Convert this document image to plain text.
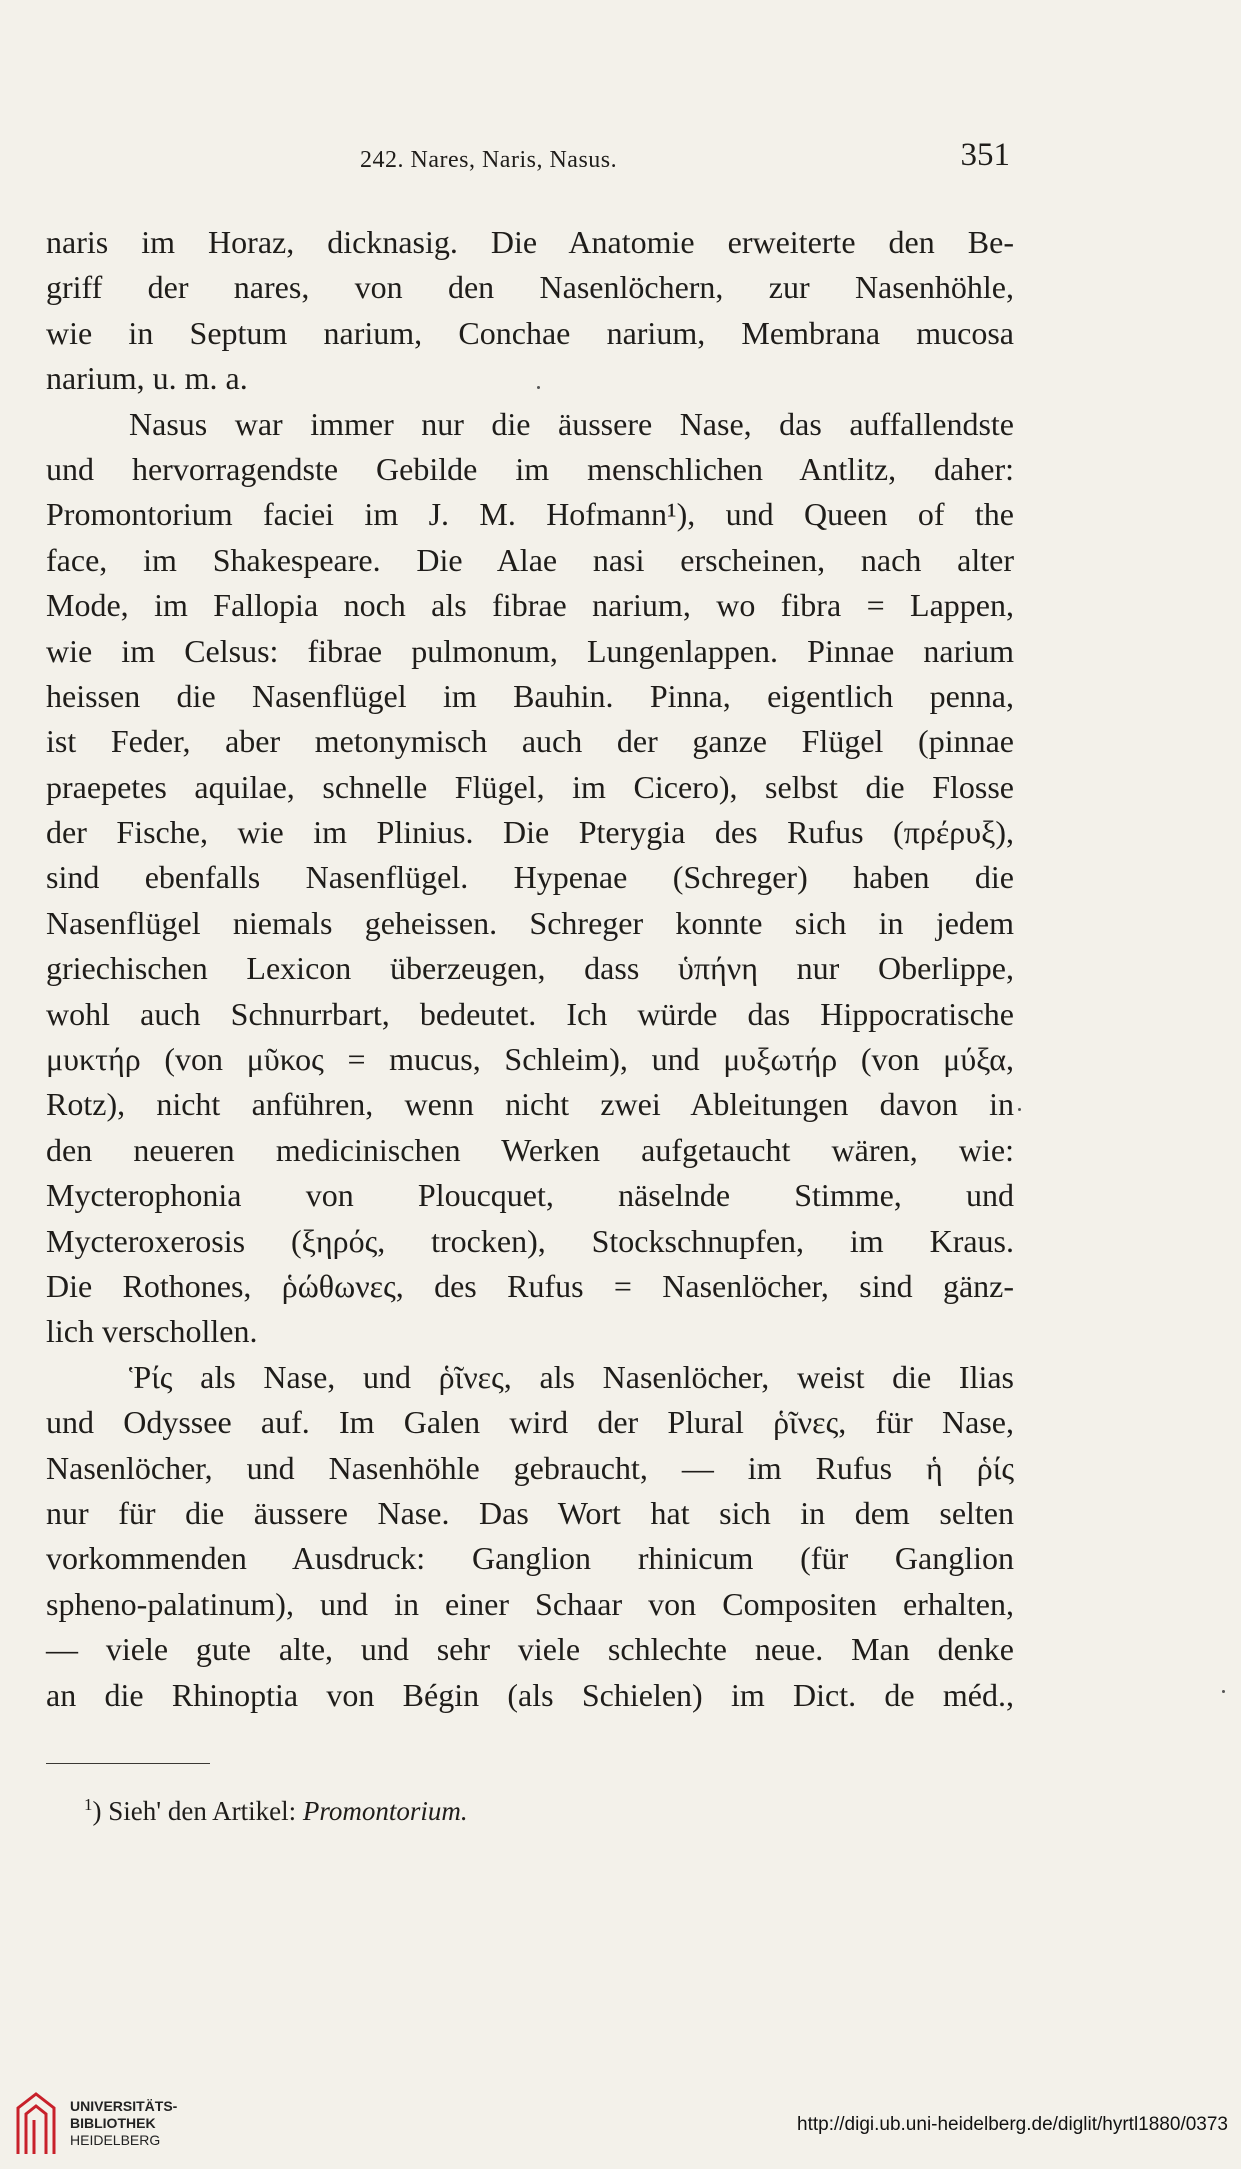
242. Nares, Naris, Nasus.	351
naris im Horaz, dicknasig. Die Anatomie erweiterte den Be-
griff der nares, von den Nasenlöchern, zur Nasenhöhle,
wie in Septum narium, Conchae narium, Membrana mucosa
narium, u. m. a.
Nasus war immer nur die äussere Nase, das auffallendste
und hervorragendste Gebilde im menschlichen Antlitz, daher:
Promontorium faciei im J. M. Hofmann¹), und Queen of the
face, im Shakespeare. Die Alae nasi erscheinen, nach alter
Mode, im Fallopia noch als fibrae narium, wo fibra = Lappen,
wie im Celsus: fibrae pulmonum, Lungenlappen. Pinnae narium
heissen die Nasenflügel im Bauhin. Pinna, eigentlich penna,
ist Feder, aber metonymisch auch der ganze Flügel (pinnae
praepetes aquilae, schnelle Flügel, im Cicero), selbst die Flosse
der Fische, wie im Plinius. Die Pterygia des Rufus (πρέρυξ),
sind ebenfalls Nasenflügel. Hypenae (Schreger) haben die
Nasenflügel niemals geheissen. Schreger konnte sich in jedem
griechischen Lexicon überzeugen, dass ὑπήνη nur Oberlippe,
wohl auch Schnurrbart, bedeutet. Ich würde das Hippocratische
μυκτήρ (von μῦκος = mucus, Schleim), und μυξωτήρ (von μύξα,
Rotz), nicht anführen, wenn nicht zwei Ableitungen davon in
den neueren medicinischen Werken aufgetaucht wären, wie:
Mycterophonia von Ploucquet, näselnde Stimme, und
Mycteroxerosis (ξηρός, trocken), Stockschnupfen, im Kraus.
Die Rothones, ῥώθωνες, des Rufus = Nasenlöcher, sind gänz-
lich verschollen.
Ῥίς als Nase, und ῥῖνες, als Nasenlöcher, weist die Ilias
und Odyssee auf. Im Galen wird der Plural ῥῖνες, für Nase,
Nasenlöcher, und Nasenhöhle gebraucht, — im Rufus ἡ ῥίς
nur für die äussere Nase. Das Wort hat sich in dem selten
vorkommenden Ausdruck: Ganglion rhinicum (für Ganglion
spheno-palatinum), und in einer Schaar von Compositen erhalten,
— viele gute alte, und sehr viele schlechte neue. Man denke
an die Rhinoptia von Bégin (als Schielen) im Dict. de méd.,
$^1$) Sieh' den Artikel: Promontorium.
UNIVERSITÄTS-
BIBLIOTHEK
HEIDELBERG
http://digi.ub.uni-heidelberg.de/diglit/hyrtl1880/0373
